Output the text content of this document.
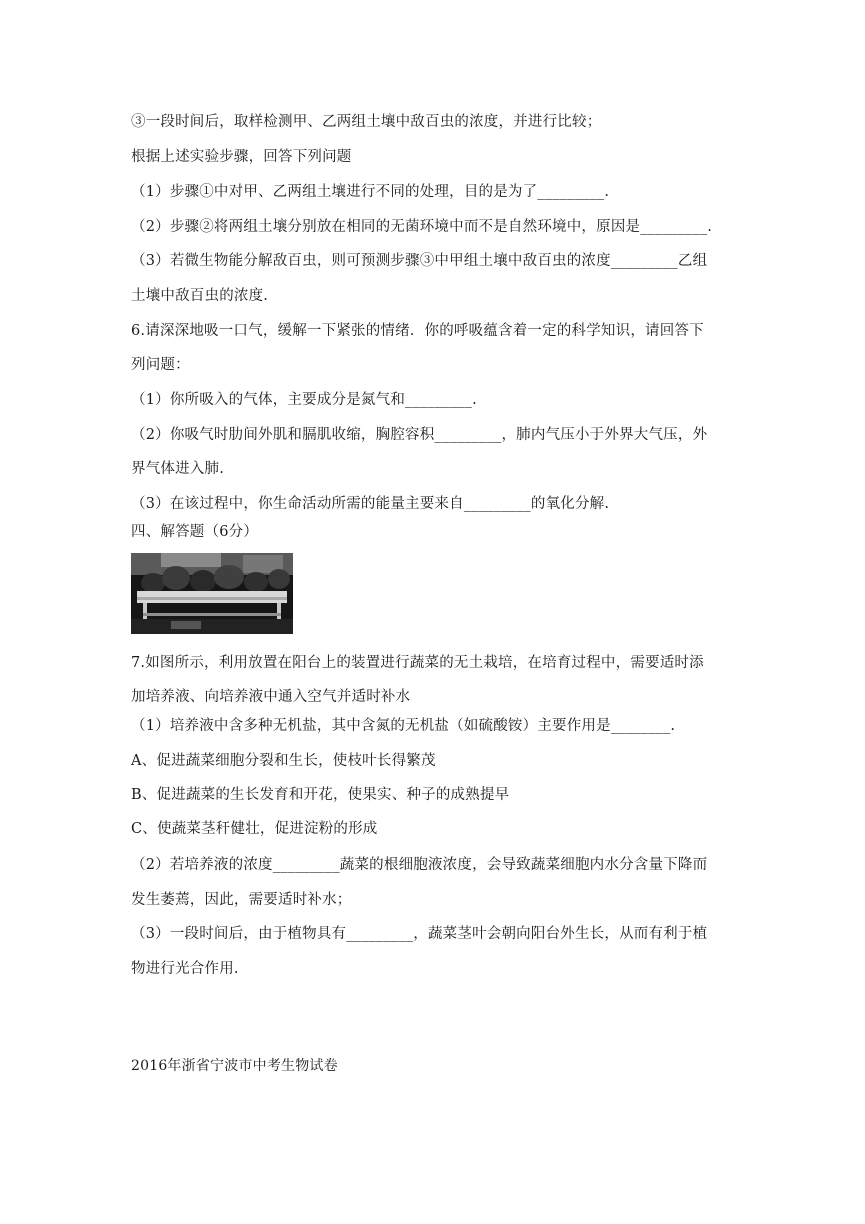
③一段时间后，取样检测甲、乙两组土壤中敌百虫的浓度，并进行比较；
根据上述实验步骤，回答下列问题
（1）步骤①中对甲、乙两组土壤进行不同的处理，目的是为了_________.
（2）步骤②将两组土壤分别放在相同的无菌环境中而不是自然环境中，原因是_________.
（3）若微生物能分解敌百虫，则可预测步骤③中甲组土壤中敌百虫的浓度_________乙组
土壤中敌百虫的浓度.
6.请深深地吸一口气，缓解一下紧张的情绪．你的呼吸蕴含着一定的科学知识，请回答下
列问题：
（1）你所吸入的气体，主要成分是氮气和_________.
（2）你吸气时肋间外肌和膈肌收缩，胸腔容积_________，肺内气压小于外界大气压，外
界气体进入肺.
（3）在该过程中，你生命活动所需的能量主要来自_________的氧化分解.
四、解答题（6分）
7.如图所示，利用放置在阳台上的装置进行蔬菜的无土栽培，在培育过程中，需要适时添
加培养液、向培养液中通入空气并适时补水
（1）培养液中含多种无机盐，其中含氮的无机盐（如硫酸铵）主要作用是________.
A、促进蔬菜细胞分裂和生长，使枝叶长得繁茂
B、促进蔬菜的生长发育和开花，使果实、种子的成熟提早
C、使蔬菜茎秆健壮，促进淀粉的形成
（2）若培养液的浓度_________蔬菜的根细胞液浓度，会导致蔬菜细胞内水分含量下降而
发生萎蔫，因此，需要适时补水；
（3）一段时间后，由于植物具有_________，蔬菜茎叶会朝向阳台外生长，从而有利于植
物进行光合作用.
2016年浙省宁波市中考生物试卷
